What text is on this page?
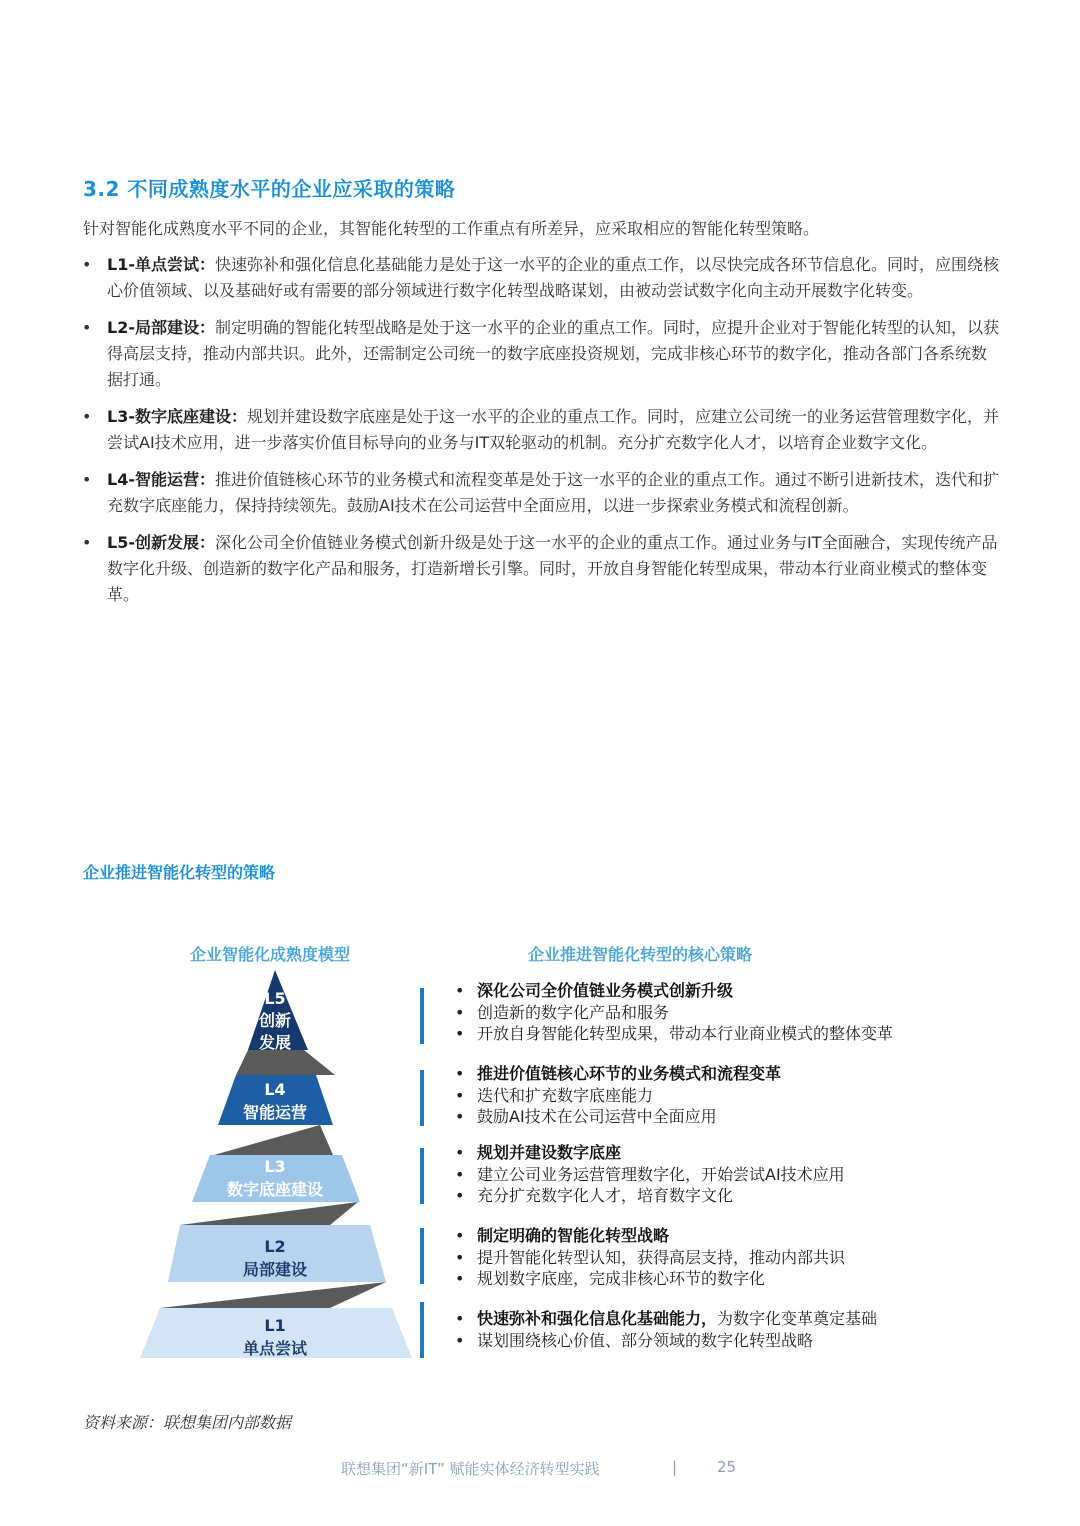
3.2 不同成熟度水平的企业应采取的策略
针对智能化成熟度水平不同的企业，其智能化转型的工作重点有所差异，应采取相应的智能化转型策略。
• L1-单点尝试：快速弥补和强化信息化基础能力是处于这一水平的企业的重点工作，以尽快完成各环节信息化。同时，应围绕核心价值领域、以及基础好或有需要的部分领域进行数字化转型战略谋划，由被动尝试数字化向主动开展数字化转变。
• L2-局部建设：制定明确的智能化转型战略是处于这一水平的企业的重点工作。同时，应提升企业对于智能化转型的认知，以获得高层支持，推动内部共识。此外，还需制定公司统一的数字底座投资规划，完成非核心环节的数字化，推动各部门各系统数据打通。
• L3-数字底座建设：规划并建设数字底座是处于这一水平的企业的重点工作。同时，应建立公司统一的业务运营管理数字化，并尝试AI技术应用，进一步落实价值目标导向的业务与IT双轮驱动的机制。充分扩充数字化人才，以培育企业数字文化。
• L4-智能运营：推进价值链核心环节的业务模式和流程变革是处于这一水平的企业的重点工作。通过不断引进新技术，迭代和扩充数字底座能力，保持持续领先。鼓励AI技术在公司运营中全面应用，以进一步探索业务模式和流程创新。
• L5-创新发展：深化公司全价值链业务模式创新升级是处于这一水平的企业的重点工作。通过业务与IT全面融合，实现传统产品数字化升级、创造新的数字化产品和服务，打造新增长引擎。同时，开放自身智能化转型成果，带动本行业商业模式的整体变革。
企业推进智能化转型的策略
企业智能化成熟度模型	企业推进智能化转型的核心策略
L5
创新
发展
L4
智能运营
L3
数字底座建设
L2
局部建设
L1
单点尝试
• 深化公司全价值链业务模式创新升级
• 创造新的数字化产品和服务
• 开放自身智能化转型成果，带动本行业商业模式的整体变革
• 推进价值链核心环节的业务模式和流程变革
• 迭代和扩充数字底座能力
• 鼓励AI技术在公司运营中全面应用
• 规划并建设数字底座
• 建立公司业务运营管理数字化，开始尝试AI技术应用
• 充分扩充数字化人才，培育数字文化
• 制定明确的智能化转型战略
• 提升智能化转型认知，获得高层支持，推动内部共识
• 规划数字底座，完成非核心环节的数字化
• 快速弥补和强化信息化基础能力，为数字化变革奠定基础
• 谋划围绕核心价值、部分领域的数字化转型战略
资料来源：联想集团内部数据
联想集团“新IT” 赋能实体经济转型实践	|	25
